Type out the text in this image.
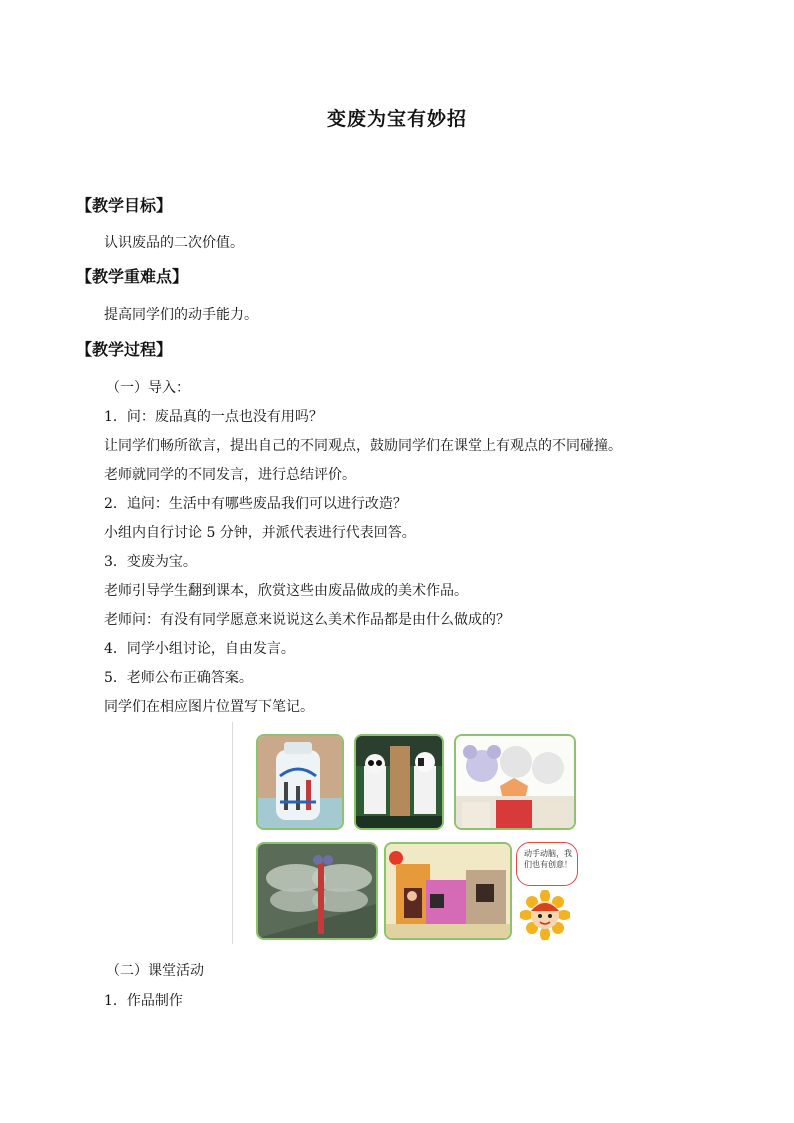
变废为宝有妙招
【教学目标】
认识废品的二次价值。
【教学重难点】
提高同学们的动手能力。
【教学过程】
（一）导入：
1．问：废品真的一点也没有用吗？
让同学们畅所欲言，提出自己的不同观点，鼓励同学们在课堂上有观点的不同碰撞。
老师就同学的不同发言，进行总结评价。
2．追问：生活中有哪些废品我们可以进行改造？
小组内自行讨论 5 分钟，并派代表进行代表回答。
3．变废为宝。
老师引导学生翻到课本，欣赏这些由废品做成的美术作品。
老师问：有没有同学愿意来说说这么美术作品都是由什么做成的？
4．同学小组讨论，自由发言。
5．老师公布正确答案。
同学们在相应图片位置写下笔记。
动手动脑，我们也有创意！
（二）课堂活动
1．作品制作
